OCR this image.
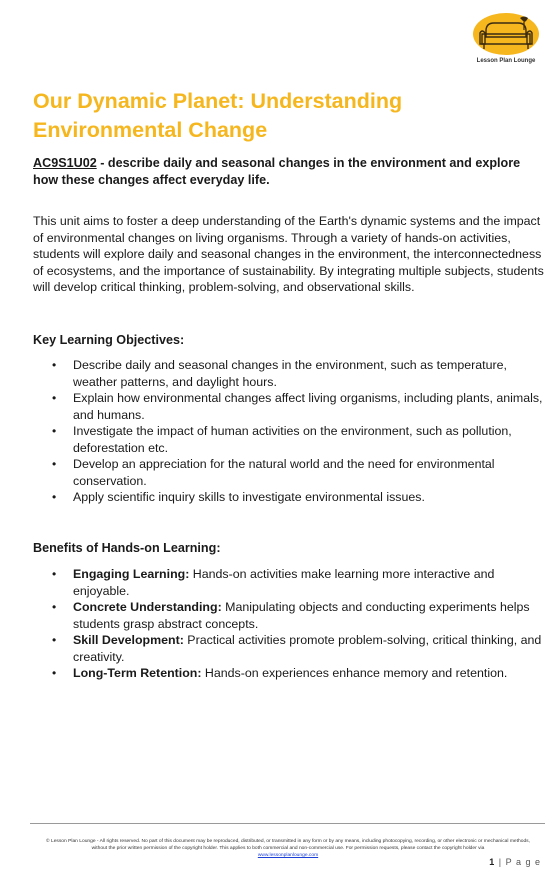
Lesson Plan Lounge
Our Dynamic Planet: Understanding Environmental Change

AC9S1U02 - describe daily and seasonal changes in the environment and explore how these changes affect everyday life.

This unit aims to foster a deep understanding of the Earth's dynamic systems and the impact of environmental changes on living organisms. Through a variety of hands-on activities, students will explore daily and seasonal changes in the environment, the interconnectedness of ecosystems, and the importance of sustainability. By integrating multiple subjects, students will develop critical thinking, problem-solving, and observational skills.

Key Learning Objectives:

• Describe daily and seasonal changes in the environment, such as temperature, weather patterns, and daylight hours.
• Explain how environmental changes affect living organisms, including plants, animals, and humans.
• Investigate the impact of human activities on the environment, such as pollution, deforestation etc.
• Develop an appreciation for the natural world and the need for environmental conservation.
• Apply scientific inquiry skills to investigate environmental issues.

Benefits of Hands-on Learning:

• Engaging Learning: Hands-on activities make learning more interactive and enjoyable.
• Concrete Understanding: Manipulating objects and conducting experiments helps students grasp abstract concepts.
• Skill Development: Practical activities promote problem-solving, critical thinking, and creativity.
• Long-Term Retention: Hands-on experiences enhance memory and retention.
© Lesson Plan Lounge - All rights reserved. No part of this document may be reproduced, distributed, or transmitted in any form or by any means, including photocopying, recording, or other electronic or mechanical methods, without the prior written permission of the copyright holder. This applies to both commercial and non-commercial use. For permission requests, please contact the copyright holder via
www.lessonplanlounge.com
1 | P a g e
